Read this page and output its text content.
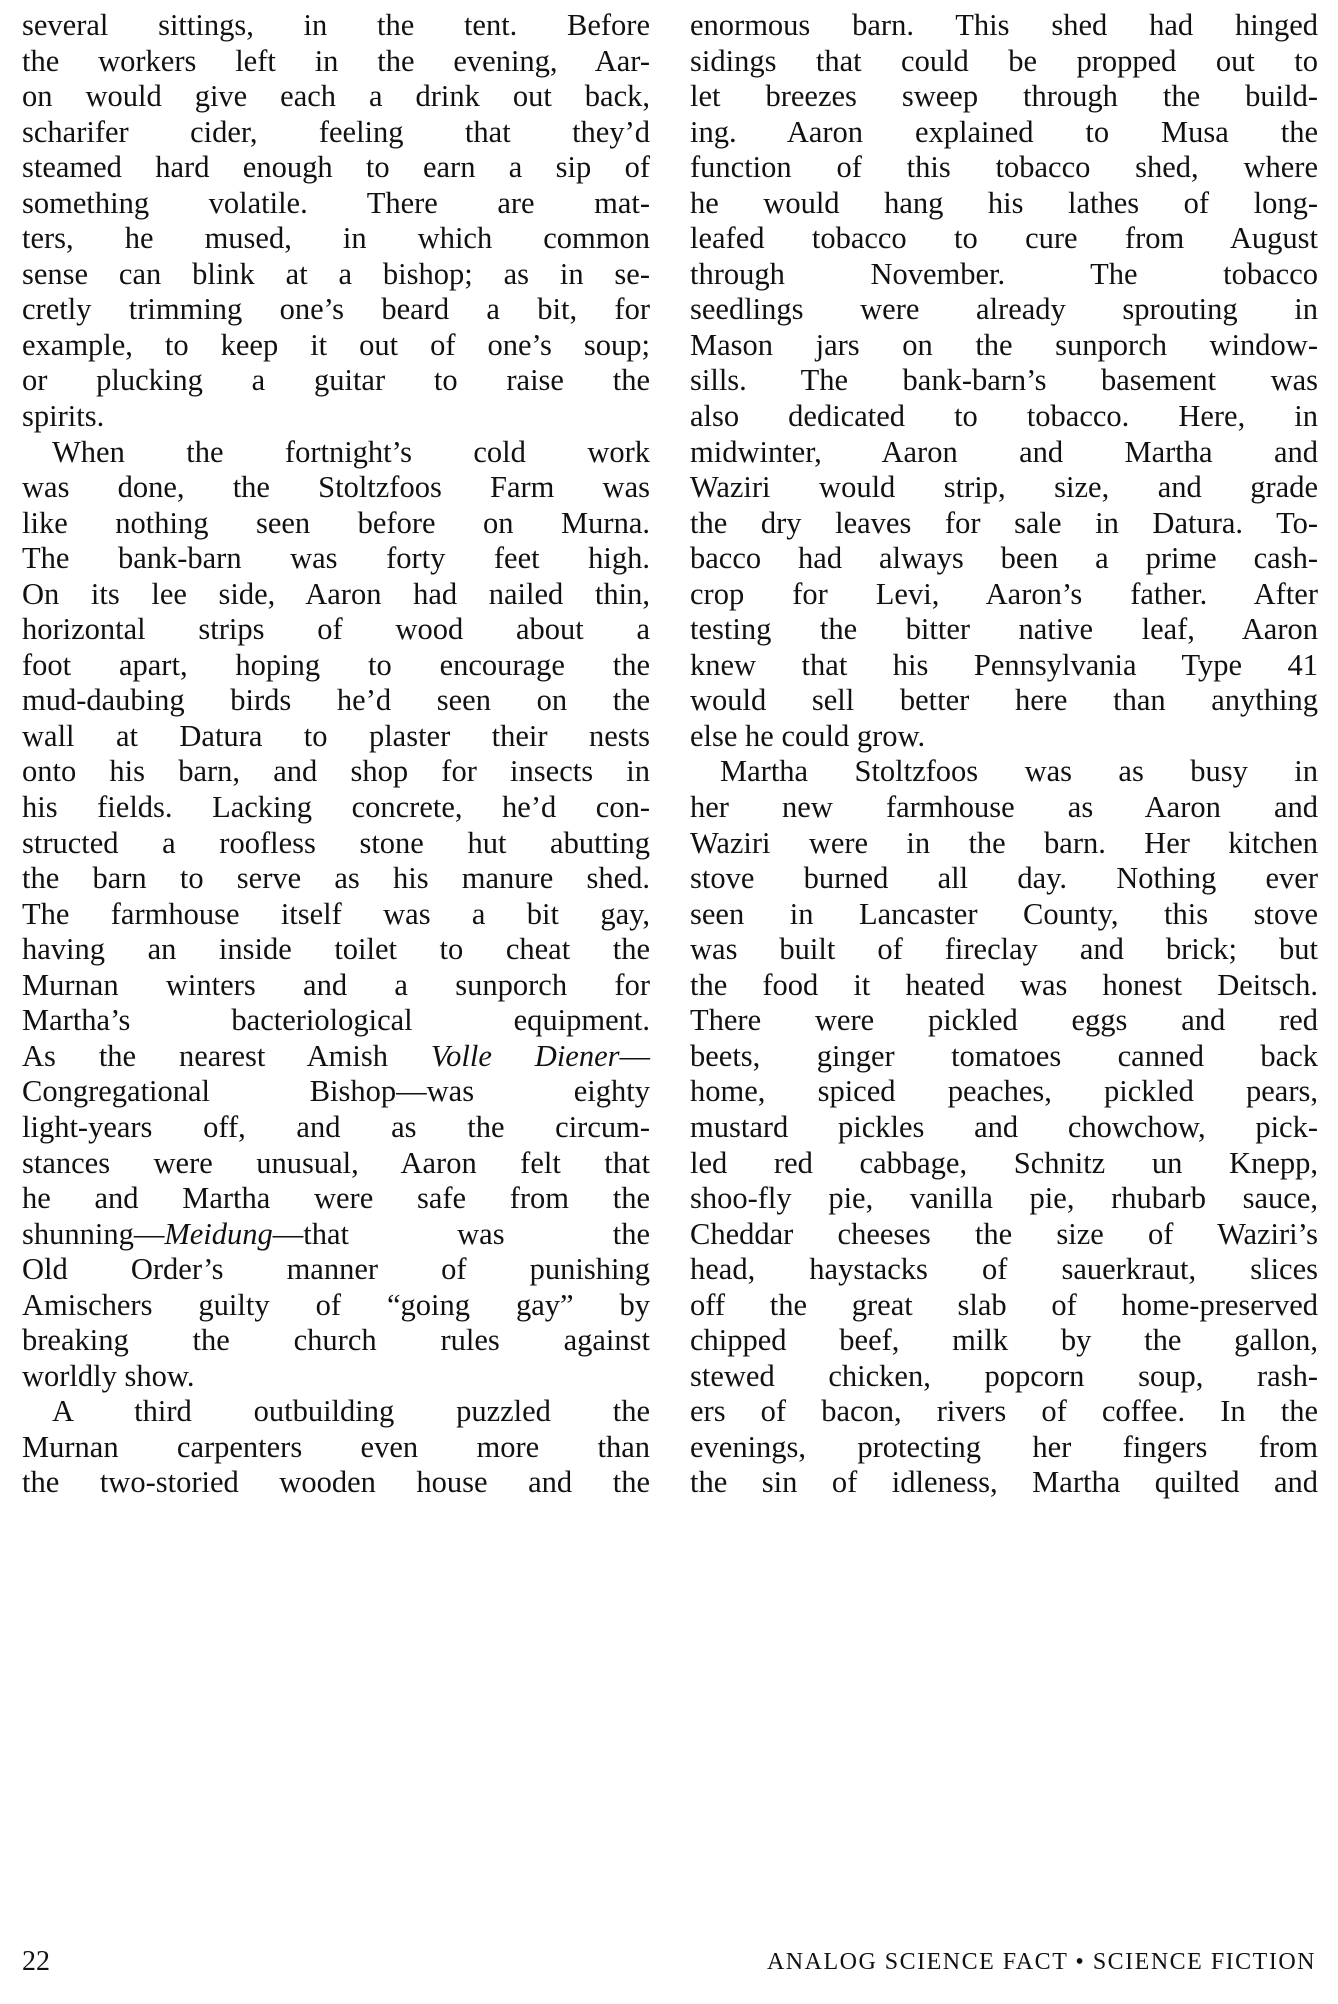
several sittings, in the tent. Before
the workers left in the evening, Aar-
on would give each a drink out back,
scharifer cider, feeling that they’d
steamed hard enough to earn a sip of
something volatile. There are mat-
ters, he mused, in which common
sense can blink at a bishop; as in se-
cretly trimming one’s beard a bit, for
example, to keep it out of one’s soup;
or plucking a guitar to raise the
spirits.
When the fortnight’s cold work
was done, the Stoltzfoos Farm was
like nothing seen before on Murna.
The bank-barn was forty feet high.
On its lee side, Aaron had nailed thin,
horizontal strips of wood about a
foot apart, hoping to encourage the
mud-daubing birds he’d seen on the
wall at Datura to plaster their nests
onto his barn, and shop for insects in
his fields. Lacking concrete, he’d con-
structed a roofless stone hut abutting
the barn to serve as his manure shed.
The farmhouse itself was a bit gay,
having an inside toilet to cheat the
Murnan winters and a sunporch for
Martha’s bacteriological equipment.
As the nearest Amish Volle Diener—
Congregational Bishop—was eighty
light-years off, and as the circum-
stances were unusual, Aaron felt that
he and Martha were safe from the
shunning—Meidung—that was the
Old Order’s manner of punishing
Amischers guilty of “going gay” by
breaking the church rules against
worldly show.
A third outbuilding puzzled the
Murnan carpenters even more than
the two-storied wooden house and the
enormous barn. This shed had hinged
sidings that could be propped out to
let breezes sweep through the build-
ing. Aaron explained to Musa the
function of this tobacco shed, where
he would hang his lathes of long-
leafed tobacco to cure from August
through November. The tobacco
seedlings were already sprouting in
Mason jars on the sunporch window-
sills. The bank-barn’s basement was
also dedicated to tobacco. Here, in
midwinter, Aaron and Martha and
Waziri would strip, size, and grade
the dry leaves for sale in Datura. To-
bacco had always been a prime cash-
crop for Levi, Aaron’s father. After
testing the bitter native leaf, Aaron
knew that his Pennsylvania Type 41
would sell better here than anything
else he could grow.
Martha Stoltzfoos was as busy in
her new farmhouse as Aaron and
Waziri were in the barn. Her kitchen
stove burned all day. Nothing ever
seen in Lancaster County, this stove
was built of fireclay and brick; but
the food it heated was honest Deitsch.
There were pickled eggs and red
beets, ginger tomatoes canned back
home, spiced peaches, pickled pears,
mustard pickles and chowchow, pick-
led red cabbage, Schnitz un Knepp,
shoo-fly pie, vanilla pie, rhubarb sauce,
Cheddar cheeses the size of Waziri’s
head, haystacks of sauerkraut, slices
off the great slab of home-preserved
chipped beef, milk by the gallon,
stewed chicken, popcorn soup, rash-
ers of bacon, rivers of coffee. In the
evenings, protecting her fingers from
the sin of idleness, Martha quilted and
22	ANALOG SCIENCE FACT • SCIENCE FICTION
